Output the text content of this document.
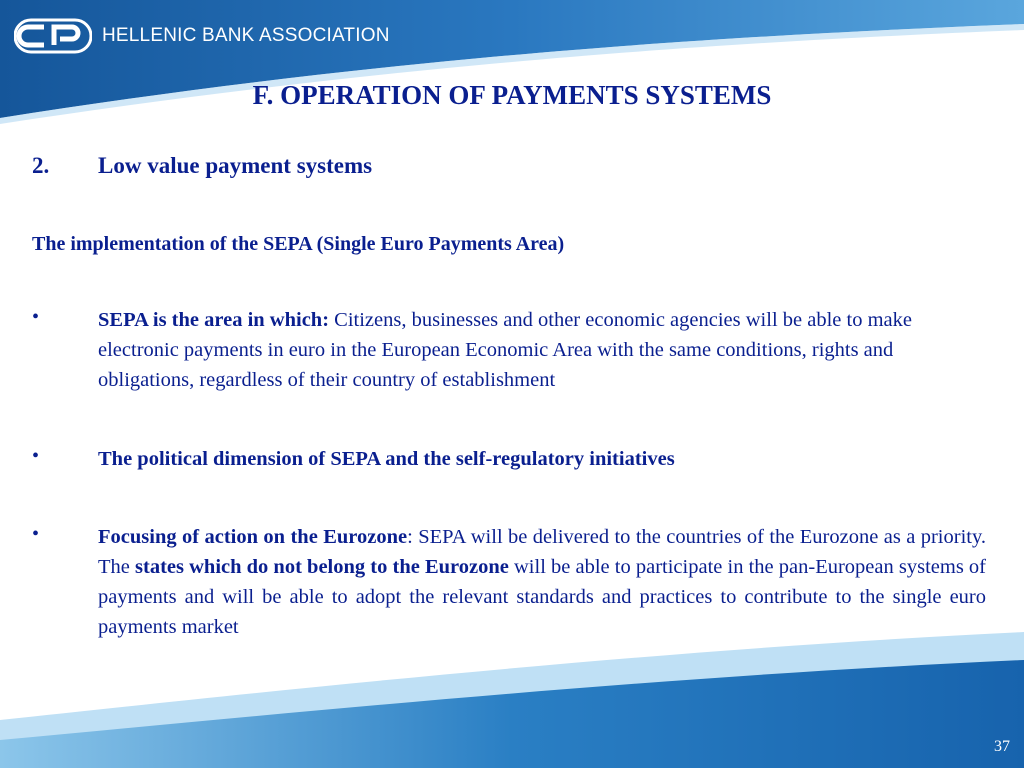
HELLENIC BANK ASSOCIATION
F. OPERATION OF PAYMENTS SYSTEMS
2. Low value payment systems
The implementation of the SEPA (Single Euro Payments Area)
•	SEPA is the area in which: Citizens, businesses and other economic agencies will be able to make electronic payments in euro in the European Economic Area with the same conditions, rights and obligations, regardless of their country of establishment
•	The political dimension of SEPA and the self-regulatory initiatives
•	Focusing of action on the Eurozone: SEPA will be delivered to the countries of the Eurozone as a priority. The states which do not belong to the Eurozone will be able to participate in the pan-European systems of payments and will be able to adopt the relevant standards and practices to contribute to the single euro payments market
37
